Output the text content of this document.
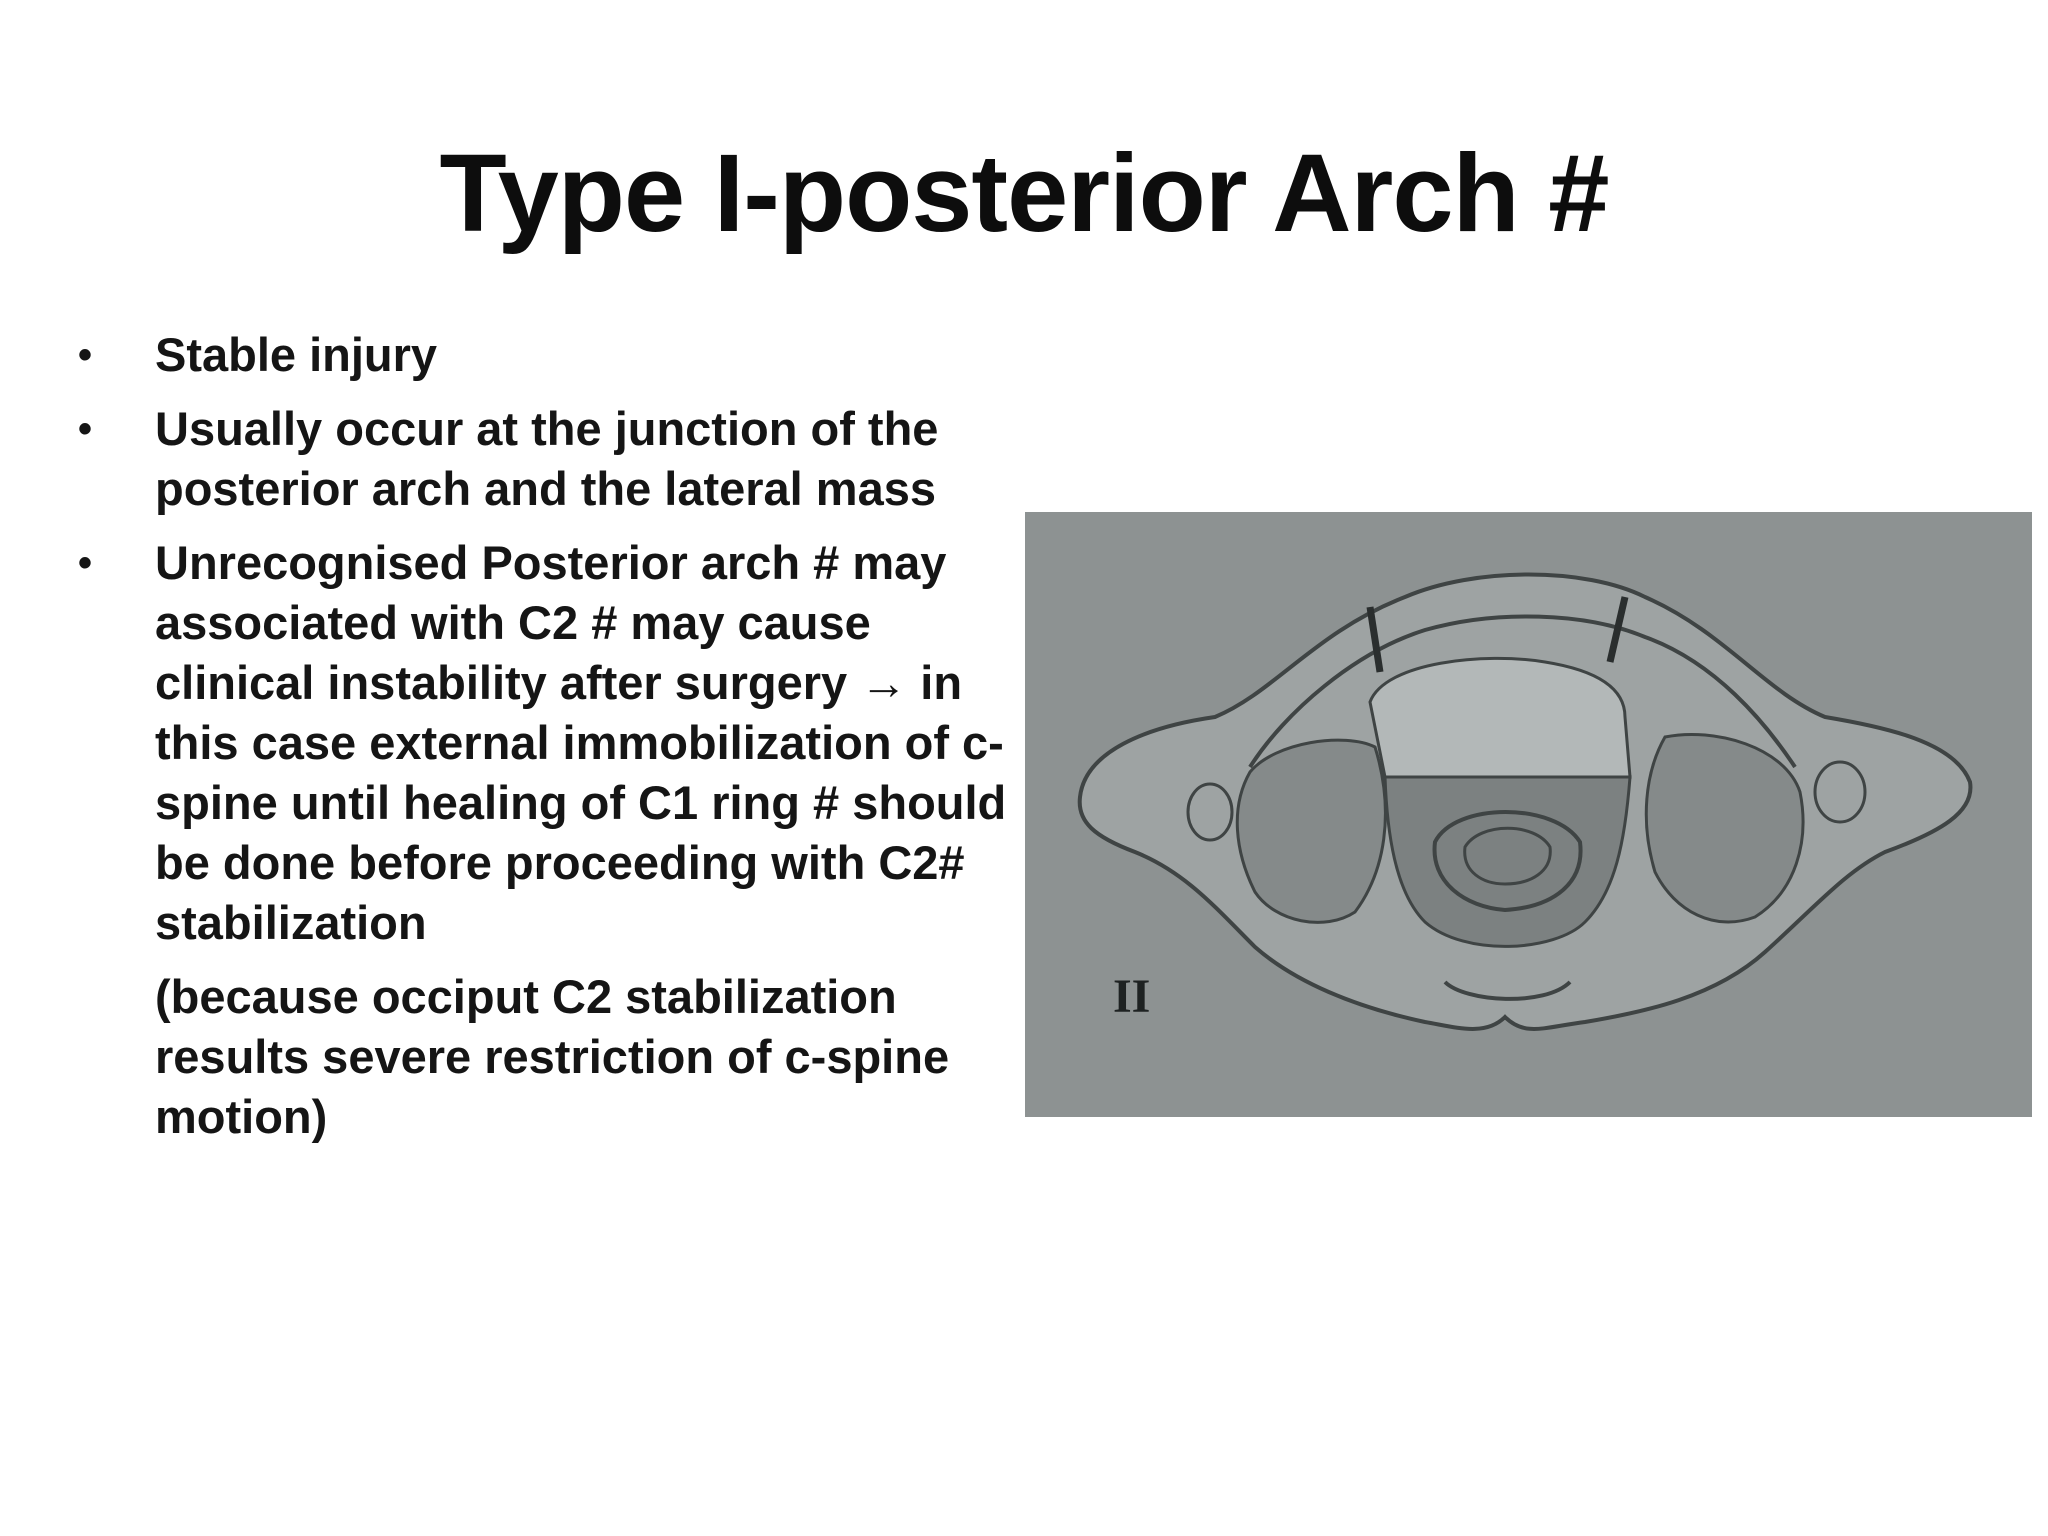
Type I-posterior Arch #
• Stable injury
• Usually occur at the junction of the posterior arch and the lateral mass
• Unrecognised Posterior arch # may associated with C2 # may cause clinical instability after surgery → in this case external immobilization of c-spine until healing of C1 ring # should be done before proceeding with C2# stabilization
(because occiput C2 stabilization results severe restriction of c-spine motion)
II
